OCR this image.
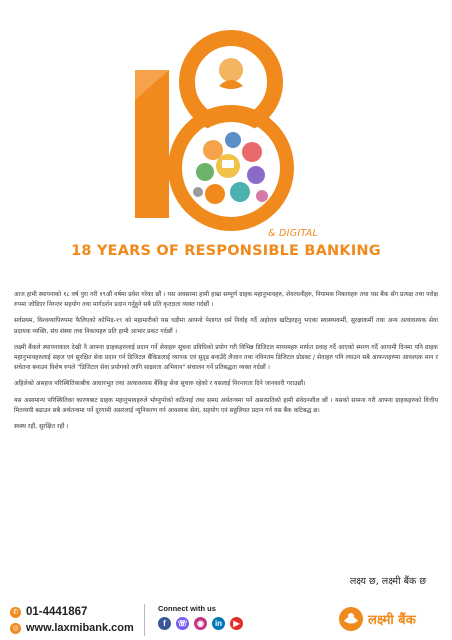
& DIGITAL
18 YEARS OF RESPONSIBLE BANKING

आज हामी स्थापनाको १८ वर्ष पुरा गरी १९औं वर्षमा प्रवेश गरेका छौं । यस अवसरमा हामी हाम्रा सम्पूर्ण ग्राहक महानुभावहरु, शेयरधनीहरु, नियामक निकायहरु तथा यस बैंक सँग प्रत्यक्ष तथा परोक्ष रुपमा जोडिएर निरन्तर सहयोग तथा मार्गदर्शन प्रदान गर्नुहुने सबै प्रति कृतज्ञता व्यक्त गर्दछौं ।

सर्वप्रथम, विश्वव्यापिरुपमा फैलिएको कोभिड-१९ को महामारीको यस घडीमा आफ्नो पेशागत धर्म निर्वाह गर्दै अहोरात्र खटिइरहनु भएका स्वास्थ्यकर्मी, सुरक्षाकर्मी तथा अन्य अत्यावश्यक सेवा प्रदायक व्यक्ति, संघ संस्था तथा निकायहरु प्रति हामी आभार प्रकट गर्दछौं ।

लक्ष्मी बैंकले स्थापनाकाल देखी नै आफ्ना ग्राहकहरुलाई प्रदान गर्ने सेवाहरु सूचना प्रविधिको प्रयोग गरी विभिन्न डिजिटल माध्यमहरु मार्फत प्रवाह गर्दै आएको स्मरण गर्दै आगामी दिनमा पनि ग्राहक महानुभावहरुलाई सहज एवं सुरक्षित सेवा प्रदान गर्न डिजिटल बैंकिङलाई व्यापक एवं सुदृढ बनाउँदै लैजान तथा नविनतम डिजिटल प्रोडक्ट / सेवाहरु पनि ल्याउन सबै आफन्तहरुमा आवश्यक मान र सचेतना बनाउन विशेष रुपले "डिजिटल सेवा प्रयोगको लागि साक्षरता अभियान" संचालन गर्ने प्रतिबद्धता व्यक्त गर्दछौं ।

अहिलेको असहज परिस्थितिकाबीच आधारभूत तथा अत्यावश्यक बैंकिङ्ग सेवा सुचारु रहेको र यसलाई निरन्तरता दिने जानकारी गराउछौं।

यस असामान्य परिस्थितिका कारणबाट ग्राहक महानुभावहरुले भोग्नुपरेको कठिनाई तथा समग्र अर्थतन्त्रमा पर्ने असरप्रतिको हामी संवेदनशील छौं । यसको सामना गरी आफ्ना ग्राहकहरुको वित्तीय मितव्ययी बढाउन सबै अर्थतन्त्रमा पर्ने दूरगामी असरलाई न्यूनिकरण गर्न आवश्यक सेवा, सहयोग एवं सहुलियत प्रदान गर्न यस बैंक कटिबद्ध छ।

स्वस्थ रहौं, सुरक्षित रहौं ।

लक्ष्य छ, लक्ष्मी बैंक छ
✆ 01-4441867
◎ www.laxmibank.com
Connect with us
f	☏	◉	in	▶	लक्ष्मी बैंक
